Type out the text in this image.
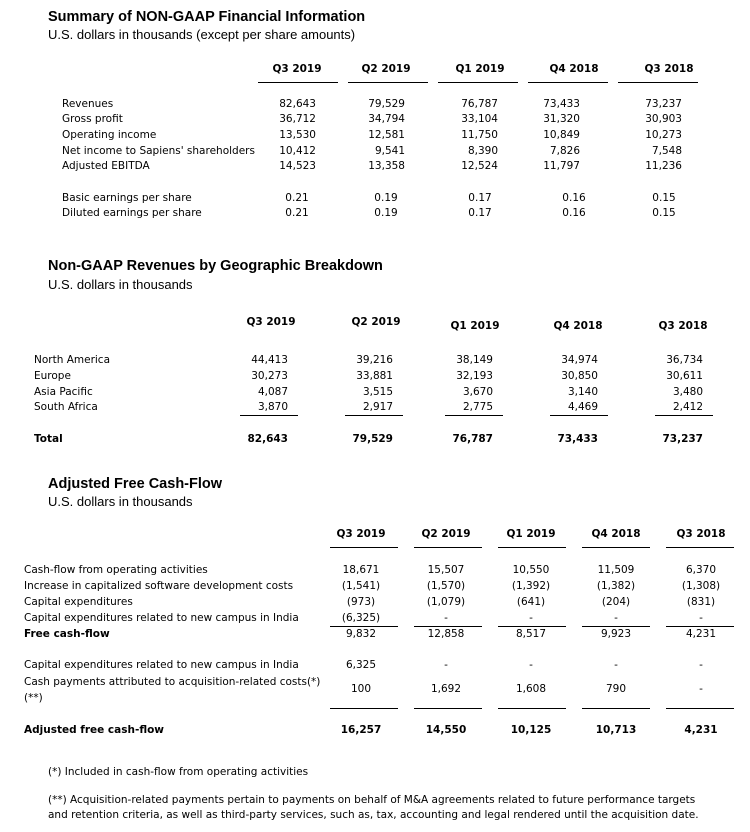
Summary of NON-GAAP Financial Information
U.S. dollars in thousands (except per share amounts)
Q3 2019	Q2 2019	Q1 2019	Q4 2018	Q3 2018
Revenues	82,643	79,529	76,787	73,433	73,237
Gross profit	36,712	34,794	33,104	31,320	30,903
Operating income	13,530	12,581	11,750	10,849	10,273
Net income to Sapiens' shareholders	10,412	9,541	8,390	7,826	7,548
Adjusted EBITDA	14,523	13,358	12,524	11,797	11,236
Basic earnings per share	0.21	0.19	0.17	0.16	0.15
Diluted earnings per share	0.21	0.19	0.17	0.16	0.15
Non-GAAP Revenues by Geographic Breakdown
U.S. dollars in thousands
Q3 2019	Q2 2019	Q1 2019	Q4 2018	Q3 2018
North America	44,413	39,216	38,149	34,974	36,734
Europe	30,273	33,881	32,193	30,850	30,611
Asia Pacific	4,087	3,515	3,670	3,140	3,480
South Africa	3,870	2,917	2,775	4,469	2,412
Total	82,643	79,529	76,787	73,433	73,237
Adjusted Free Cash-Flow
U.S. dollars in thousands
Q3 2019	Q2 2019	Q1 2019	Q4 2018	Q3 2018
Cash-flow from operating activities	18,671	15,507	10,550	11,509	6,370
Increase in capitalized software development costs	(1,541)	(1,570)	(1,392)	(1,382)	(1,308)
Capital expenditures	(973)	(1,079)	(641)	(204)	(831)
Capital expenditures related to new campus in India	(6,325)	-	-	-	-
Free cash-flow	9,832	12,858	8,517	9,923	4,231
Capital expenditures related to new campus in India	6,325	-	-	-	-
Cash payments attributed to acquisition-related costs(*)
(**)
100	1,692	1,608	790	-
Adjusted free cash-flow	16,257	14,550	10,125	10,713	4,231
(*) Included in cash-flow from operating activities
(**) Acquisition-related payments pertain to payments on behalf of M&A agreements related to future performance targets
and retention criteria, as well as third-party services, such as, tax, accounting and legal rendered until the acquisition date.
